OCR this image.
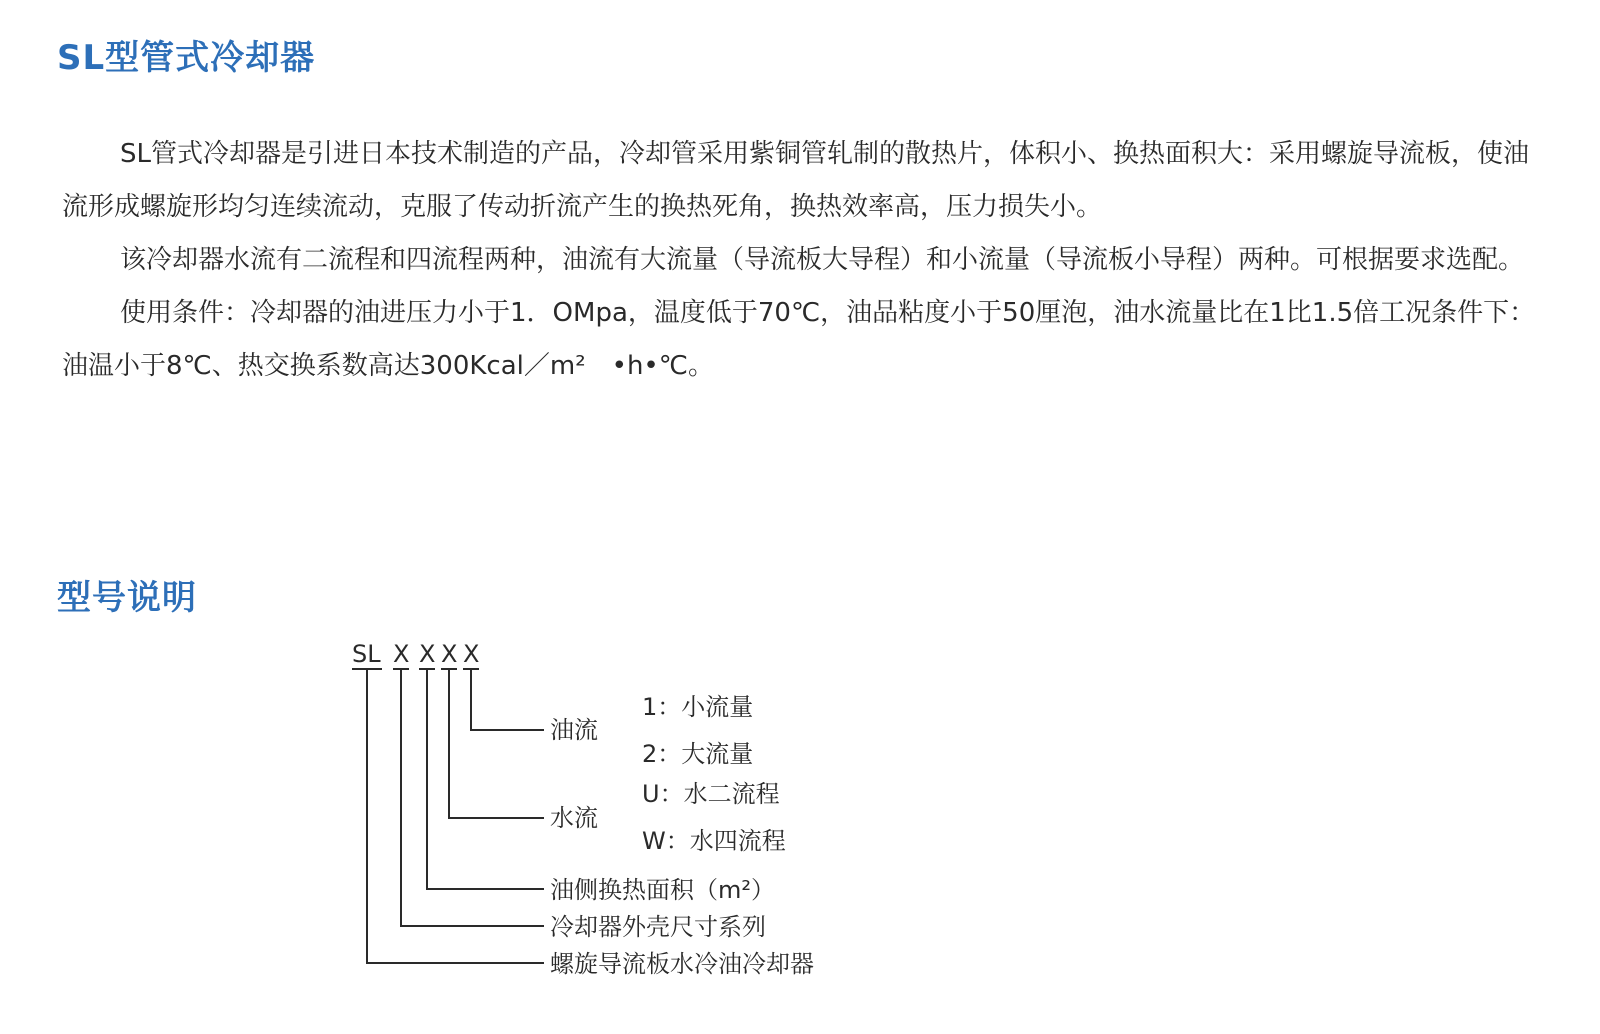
SL型管式冷却器

SL管式冷却器是引进日本技术制造的产品，冷却管采用紫铜管轧制的散热片，体积小、换热面积大：采用螺旋导流板，使油流形成螺旋形均匀连续流动，克服了传动折流产生的换热死角，换热效率高，压力损失小。

该冷却器水流有二流程和四流程两种，油流有大流量（导流板大导程）和小流量（导流板小导程）两种。可根据要求选配。

使用条件：冷却器的油进压力小于1．OMpa，温度低于70℃，油品粘度小于50厘泡，油水流量比在1比1.5倍工况条件下：油温小于8℃、热交换系数高达300Kcal／m²　•h•℃。

型号说明
SL X X X X
油流
水流
油侧换热面积（m²）
冷却器外壳尺寸系列
螺旋导流板水冷油冷却器
1：小流量
2：大流量
U：水二流程
W：水四流程
